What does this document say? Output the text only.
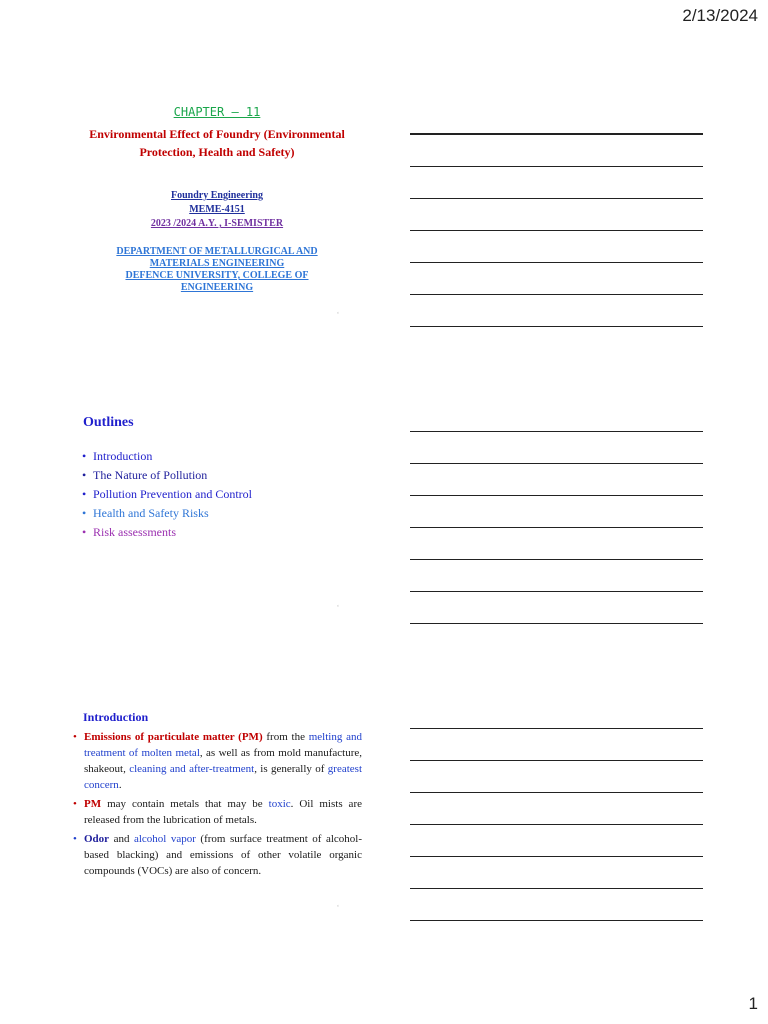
2/13/2024
CHAPTER – 11
Environmental Effect of Foundry (Environmental Protection, Health and Safety)
Foundry Engineering
MEME-4151
2023 /2024 A.Y. , I-SEMISTER
DEPARTMENT OF METALLURGICAL AND
MATERIALS ENGINEERING
DEFENCE UNIVERSITY, COLLEGE OF
ENGINEERING
ʻ
Outlines
• Introduction
• The Nature of Pollution
• Pollution Prevention and Control
• Health and Safety Risks
• Risk assessments
ʻ
Introduction
• Emissions of particulate matter (PM) from the melting and treatment of molten metal, as well as from mold manufacture, shakeout, cleaning and after-treatment, is generally of greatest concern.
• PM may contain metals that may be toxic. Oil mists are released from the lubrication of metals.
• Odor and alcohol vapor (from surface treatment of alcohol-based blacking) and emissions of other volatile organic compounds (VOCs) are also of concern.
ʻ
1
